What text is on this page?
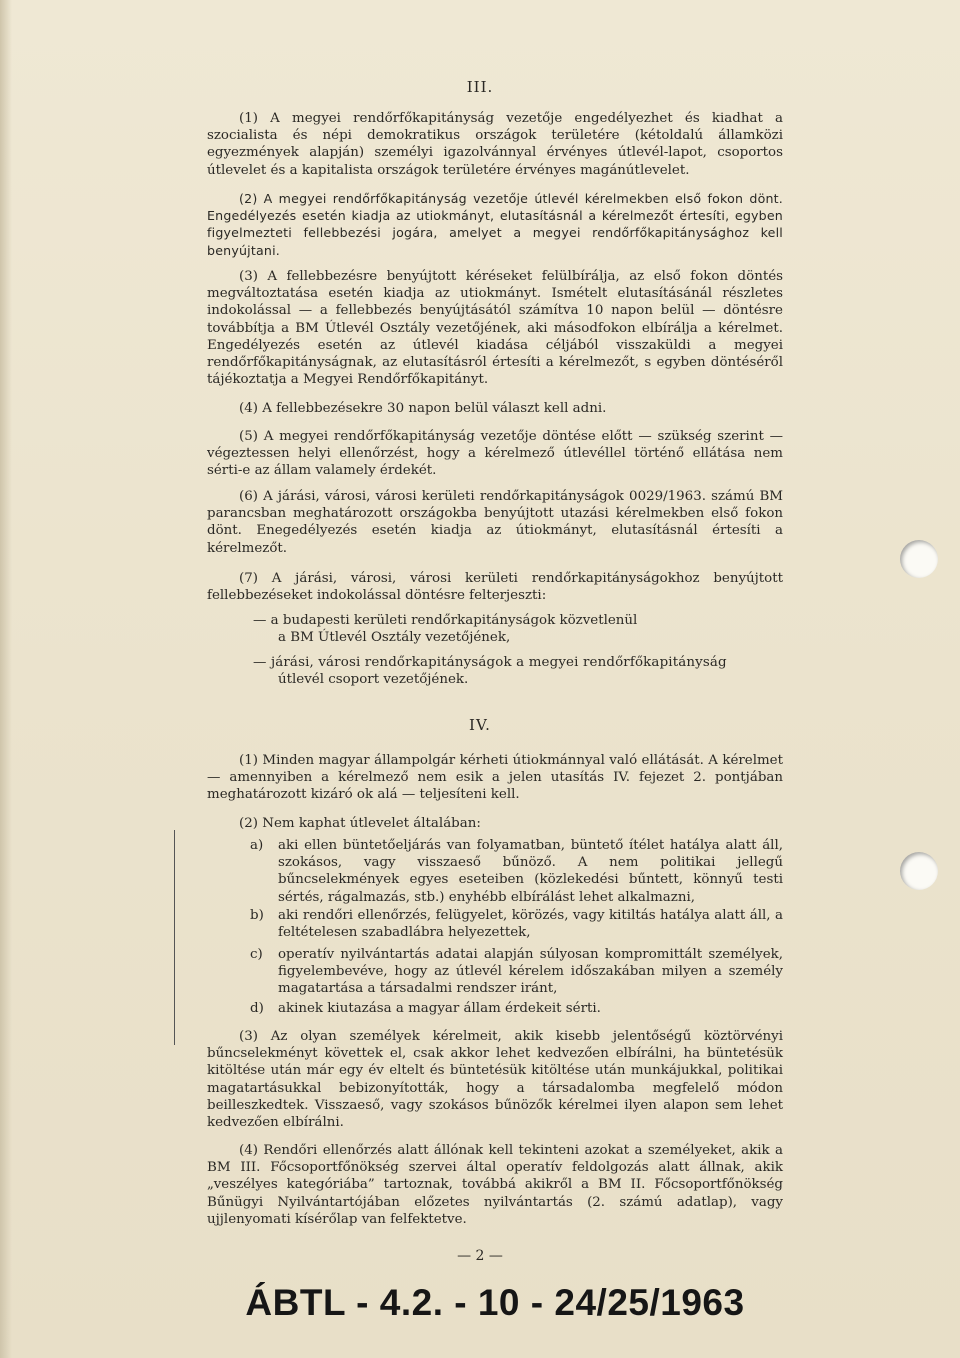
III.

(1) A megyei rendőrfőkapitányság vezetője engedélyezhet és kiadhat a szocialista és népi demokratikus országok területére (kétoldalú államközi egyezmények alapján) személyi igazolvánnyal érvényes útlevél-lapot, csoportos útlevelet és a kapitalista országok területére érvényes magánútlevelet.

(2) A megyei rendőrfőkapitányság vezetője útlevél kérelmekben első fokon dönt. Engedélyezés esetén kiadja az utiokmányt, elutasításnál a kérelmezőt értesíti, egyben figyelmezteti fellebbezési jogára, amelyet a megyei rendőrfőkapitánysághoz kell benyújtani.

(3) A fellebbezésre benyújtott kéréseket felülbírálja, az első fokon döntés megváltoztatása esetén kiadja az utiokmányt. Ismételt elutasításánál részletes indokolással — a fellebbezés benyújtásától számítva 10 napon belül — döntésre továbbítja a BM Útlevél Osztály vezetőjének, aki másodfokon elbírálja a kérelmet. Engedélyezés esetén az útlevél kiadása céljából visszaküldi a megyei rendőrfőkapitányságnak, az elutasításról értesíti a kérelmezőt, s egyben döntéséről tájékoztatja a Megyei Rendőrfőkapitányt.

(4) A fellebbezésekre 30 napon belül választ kell adni.

(5) A megyei rendőrfőkapitányság vezetője döntése előtt — szükség szerint — végeztessen helyi ellenőrzést, hogy a kérelmező útlevéllel történő ellátása nem sérti-e az állam valamely érdekét.

(6) A járási, városi, városi kerületi rendőrkapitányságok 0029/1963. számú BM parancsban meghatározott országokba benyújtott utazási kérelmekben első fokon dönt. Enegedélyezés esetén kiadja az útiokmányt, elutasításnál értesíti a kérelmezőt.

(7) A járási, városi, városi kerületi rendőrkapitányságokhoz benyújtott fellebbezéseket indokolással döntésre felterjeszti:

— a budapesti kerületi rendőrkapitányságok közvetlenül
a BM Útlevél Osztály vezetőjének,
— járási, városi rendőrkapitányságok a megyei rendőrfőkapitányság
útlevél csoport vezetőjének.
IV.

(1) Minden magyar állampolgár kérheti útiokmánnyal való ellátását. A kérelmet — amennyiben a kérelmező nem esik a jelen utasítás IV. fejezet 2. pontjában meghatározott kizáró ok alá — teljesíteni kell.

(2) Nem kaphat útlevelet általában:

a) aki ellen büntetőeljárás van folyamatban, büntető ítélet hatálya alatt áll, szokásos, vagy visszaeső bűnöző. A nem politikai jellegű bűncselekmények egyes eseteiben (közlekedési bűntett, könnyű testi sértés, rágalmazás, stb.) enyhébb elbírálást lehet alkalmazni,
b) aki rendőri ellenőrzés, felügyelet, körözés, vagy kitiltás hatálya alatt áll, a feltételesen szabadlábra helyezettek,
c) operatív nyilvántartás adatai alapján súlyosan kompromittált személyek, figyelembevéve, hogy az útlevél kérelem időszakában milyen a személy magatartása a társadalmi rendszer iránt,
d) akinek kiutazása a magyar állam érdekeit sérti.

(3) Az olyan személyek kérelmeit, akik kisebb jelentőségű köztörvényi bűncselekményt követtek el, csak akkor lehet kedvezően elbírálni, ha büntetésük kitöltése után már egy év eltelt és büntetésük kitöltése után munkájukkal, politikai magatartásukkal bebizonyították, hogy a társadalomba megfelelő módon beilleszkedtek. Visszaeső, vagy szokásos bűnözők kérelmei ilyen alapon sem lehet kedvezően elbírálni.

(4) Rendőri ellenőrzés alatt állónak kell tekinteni azokat a személyeket, akik a BM III. Főcsoportfőnökség szervei által operatív feldolgozás alatt állnak, akik „veszélyes kategóriába” tartoznak, továbbá akikről a BM II. Főcsoportfőnökség Bűnügyi Nyilvántartójában előzetes nyilvántartás (2. számú adatlap), vagy ujjlenyomati kísérőlap van felfektetve.

— 2 —
ÁBTL - 4.2. - 10 - 24/25/1963
